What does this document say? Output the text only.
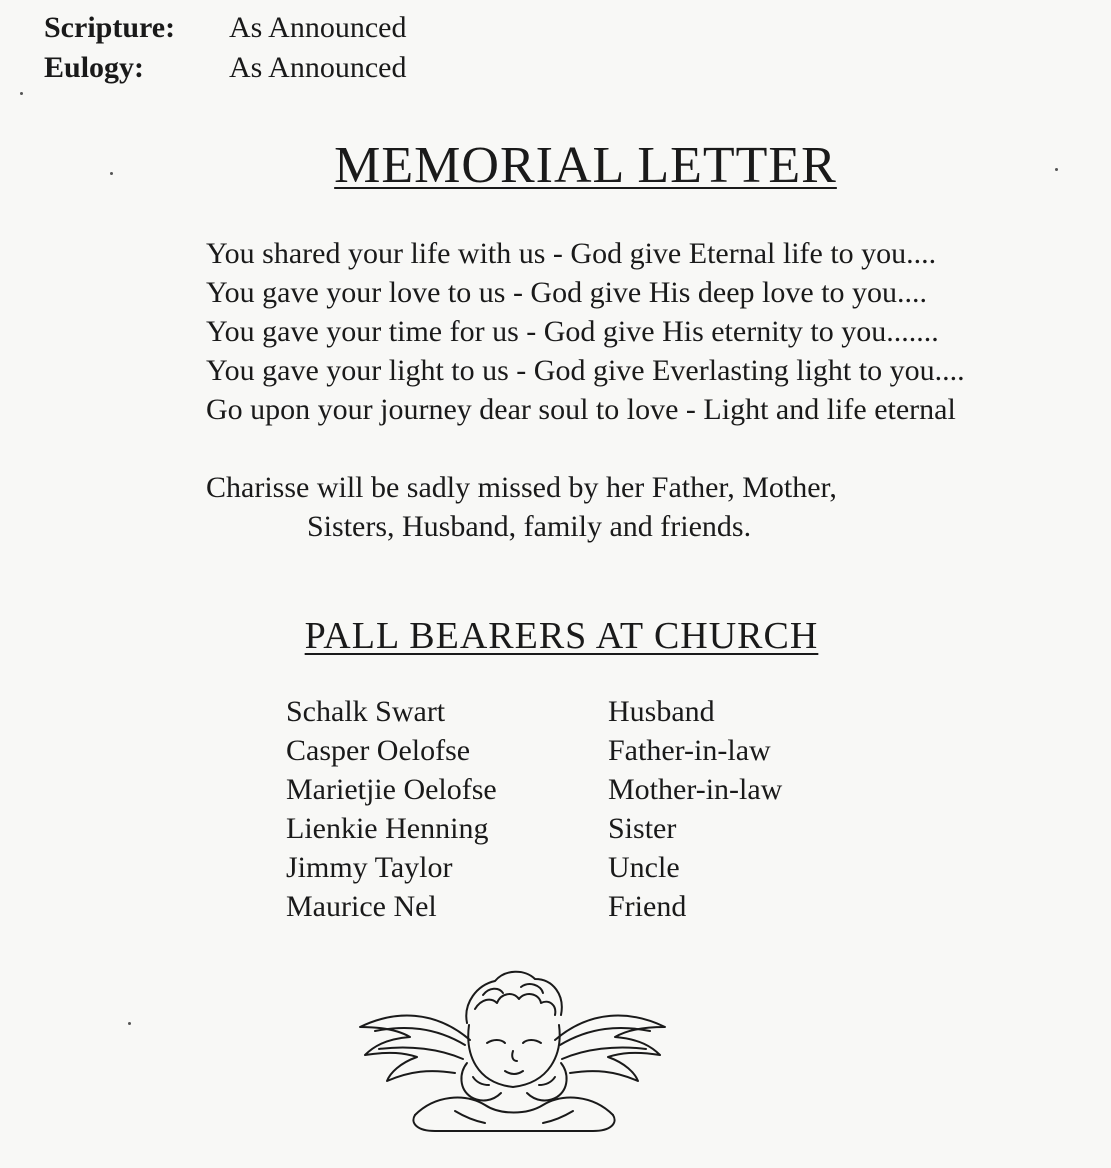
Scripture: As Announced
Eulogy:	As Announced
MEMORIAL LETTER
You shared your life with us - God give Eternal life to you....
You gave your love to us - God give His deep love to you....
You gave your time for us - God give His eternity to you.......
You gave your light to us - God give Everlasting light to you....
Go upon your journey dear soul to love - Light and life eternal
Charisse will be sadly missed by her Father, Mother,
Sisters, Husband, family and friends.
PALL BEARERS AT CHURCH
Schalk Swart	Husband
Casper Oelofse	Father-in-law
Marietjie Oelofse	Mother-in-law
Lienkie Henning	Sister
Jimmy Taylor	Uncle
Maurice Nel	Friend
